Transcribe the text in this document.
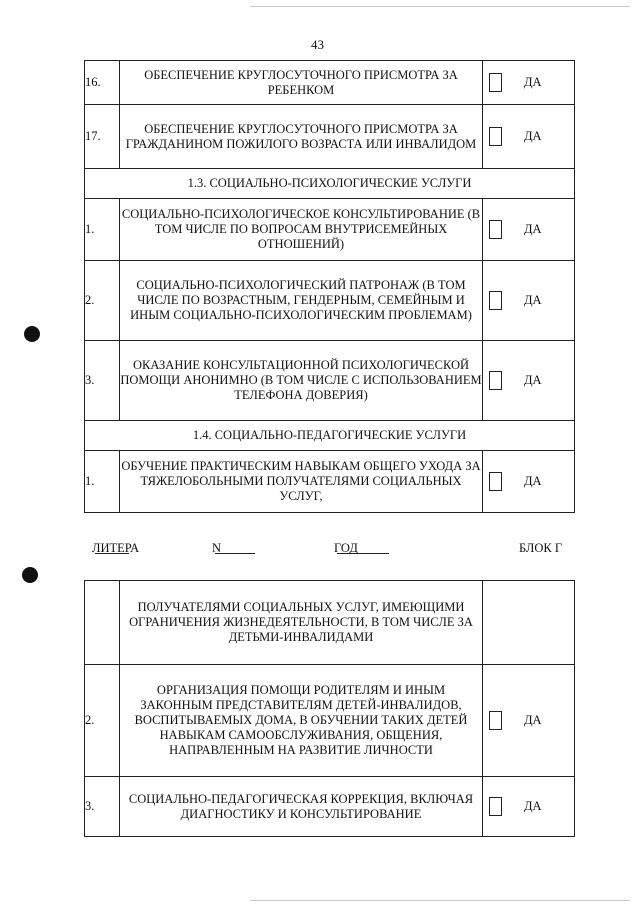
43
16.	ОБЕСПЕЧЕНИЕ КРУГЛОСУТОЧНОГО ПРИСМОТРА ЗА РЕБЕНКОМ	ДА

17.	ОБЕСПЕЧЕНИЕ КРУГЛОСУТОЧНОГО ПРИСМОТРА ЗА ГРАЖДАНИНОМ ПОЖИЛОГО ВОЗРАСТА ИЛИ ИНВАЛИДОМ	ДА

1.3. СОЦИАЛЬНО-ПСИХОЛОГИЧЕСКИЕ УСЛУГИ		
1.	СОЦИАЛЬНО-ПСИХОЛОГИЧЕСКОЕ КОНСУЛЬТИРОВАНИЕ (В ТОМ ЧИСЛЕ ПО ВОПРОСАМ ВНУТРИСЕМЕЙНЫХ ОТНОШЕНИЙ)	ДА

2.	СОЦИАЛЬНО-ПСИХОЛОГИЧЕСКИЙ ПАТРОНАЖ (В ТОМ ЧИСЛЕ ПО ВОЗРАСТНЫМ, ГЕНДЕРНЫМ, СЕМЕЙНЫМ И ИНЫМ СОЦИАЛЬНО-ПСИХОЛОГИЧЕСКИМ ПРОБЛЕМАМ)	ДА

3.	ОКАЗАНИЕ КОНСУЛЬТАЦИОННОЙ ПСИХОЛОГИЧЕСКОЙ ПОМОЩИ АНОНИМНО (В ТОМ ЧИСЛЕ С ИСПОЛЬЗОВАНИЕМ ТЕЛЕФОНА ДОВЕРИЯ)	ДА

1.4. СОЦИАЛЬНО-ПЕДАГОГИЧЕСКИЕ УСЛУГИ		
1.	ОБУЧЕНИЕ ПРАКТИЧЕСКИМ НАВЫКАМ ОБЩЕГО УХОДА ЗА ТЯЖЕЛОБОЛЬНЫМИ ПОЛУЧАТЕЛЯМИ СОЦИАЛЬНЫХ УСЛУГ,	ДА
ЛИТЕРА	N	ГОД	БЛОК Г
	ПОЛУЧАТЕЛЯМИ СОЦИАЛЬНЫХ УСЛУГ, ИМЕЮЩИМИ ОГРАНИЧЕНИЯ ЖИЗНЕДЕЯТЕЛЬНОСТИ, В ТОМ ЧИСЛЕ ЗА ДЕТЬМИ-ИНВАЛИДАМИ	
2.	ОРГАНИЗАЦИЯ ПОМОЩИ РОДИТЕЛЯМ И ИНЫМ ЗАКОННЫМ ПРЕДСТАВИТЕЛЯМ ДЕТЕЙ-ИНВАЛИДОВ, ВОСПИТЫВАЕМЫХ ДОМА, В ОБУЧЕНИИ ТАКИХ ДЕТЕЙ НАВЫКАМ САМООБСЛУЖИВАНИЯ, ОБЩЕНИЯ, НАПРАВЛЕННЫМ НА РАЗВИТИЕ ЛИЧНОСТИ	ДА

3.	СОЦИАЛЬНО-ПЕДАГОГИЧЕСКАЯ КОРРЕКЦИЯ, ВКЛЮЧАЯ ДИАГНОСТИКУ И КОНСУЛЬТИРОВАНИЕ	ДА
